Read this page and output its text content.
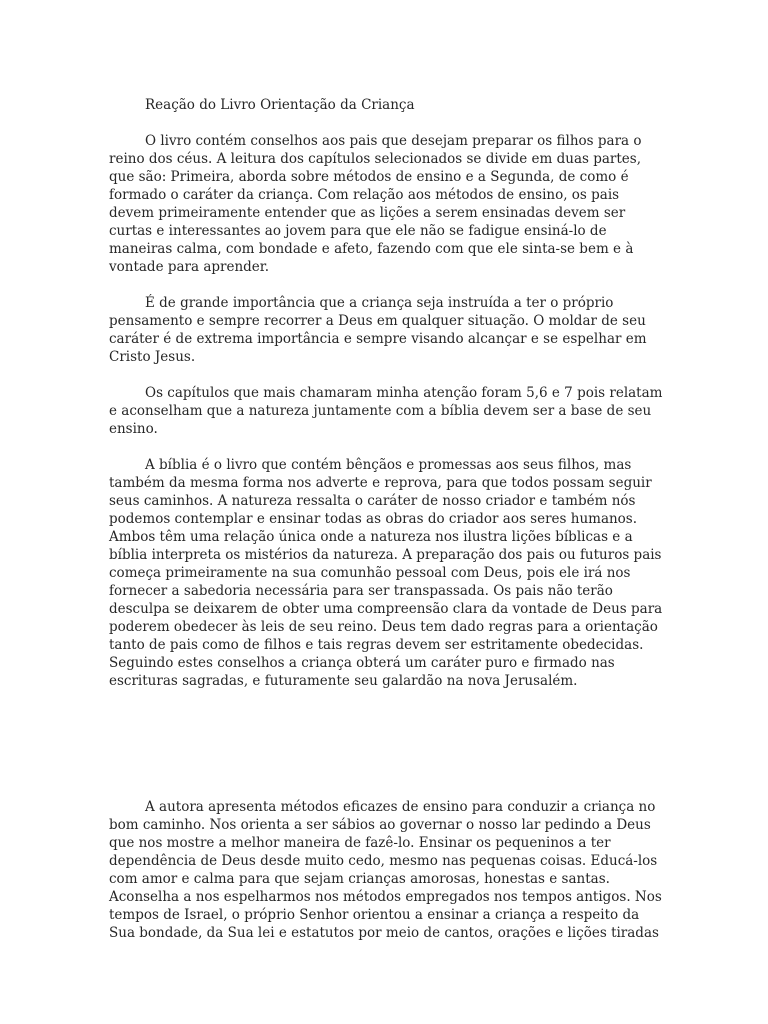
Reação do Livro Orientação da Criança

O livro contém conselhos aos pais que desejam preparar os filhos para o
reino dos céus. A leitura dos capítulos selecionados se divide em duas partes,
que são: Primeira, aborda sobre métodos de ensino e a Segunda, de como é
formado o caráter da criança. Com relação aos métodos de ensino, os pais
devem primeiramente entender que as lições a serem ensinadas devem ser
curtas e interessantes ao jovem para que ele não se fadigue ensiná-lo de
maneiras calma, com bondade e afeto, fazendo com que ele sinta-se bem e à
vontade para aprender.

É de grande importância que a criança seja instruída a ter o próprio
pensamento e sempre recorrer a Deus em qualquer situação. O moldar de seu
caráter é de extrema importância e sempre visando alcançar e se espelhar em
Cristo Jesus.

Os capítulos que mais chamaram minha atenção foram 5,6 e 7 pois relatam
e aconselham que a natureza juntamente com a bíblia devem ser a base de seu
ensino.

A bíblia é o livro que contém bênçãos e promessas aos seus filhos, mas
também da mesma forma nos adverte e reprova, para que todos possam seguir
seus caminhos. A natureza ressalta o caráter de nosso criador e também nós
podemos contemplar e ensinar todas as obras do criador aos seres humanos.
Ambos têm uma relação única onde a natureza nos ilustra lições bíblicas e a
bíblia interpreta os mistérios da natureza. A preparação dos pais ou futuros pais
começa primeiramente na sua comunhão pessoal com Deus, pois ele irá nos
fornecer a sabedoria necessária para ser transpassada. Os pais não terão
desculpa se deixarem de obter uma compreensão clara da vontade de Deus para
poderem obedecer às leis de seu reino. Deus tem dado regras para a orientação
tanto de pais como de filhos e tais regras devem ser estritamente obedecidas.
Seguindo estes conselhos a criança obterá um caráter puro e firmado nas
escrituras sagradas, e futuramente seu galardão na nova Jerusalém.

A autora apresenta métodos eficazes de ensino para conduzir a criança no
bom caminho. Nos orienta a ser sábios ao governar o nosso lar pedindo a Deus
que nos mostre a melhor maneira de fazê-lo. Ensinar os pequeninos a ter
dependência de Deus desde muito cedo, mesmo nas pequenas coisas. Educá-los
com amor e calma para que sejam crianças amorosas, honestas e santas.
Aconselha a nos espelharmos nos métodos empregados nos tempos antigos. Nos
tempos de Israel, o próprio Senhor orientou a ensinar a criança a respeito da
Sua bondade, da Sua lei e estatutos por meio de cantos, orações e lições tiradas
